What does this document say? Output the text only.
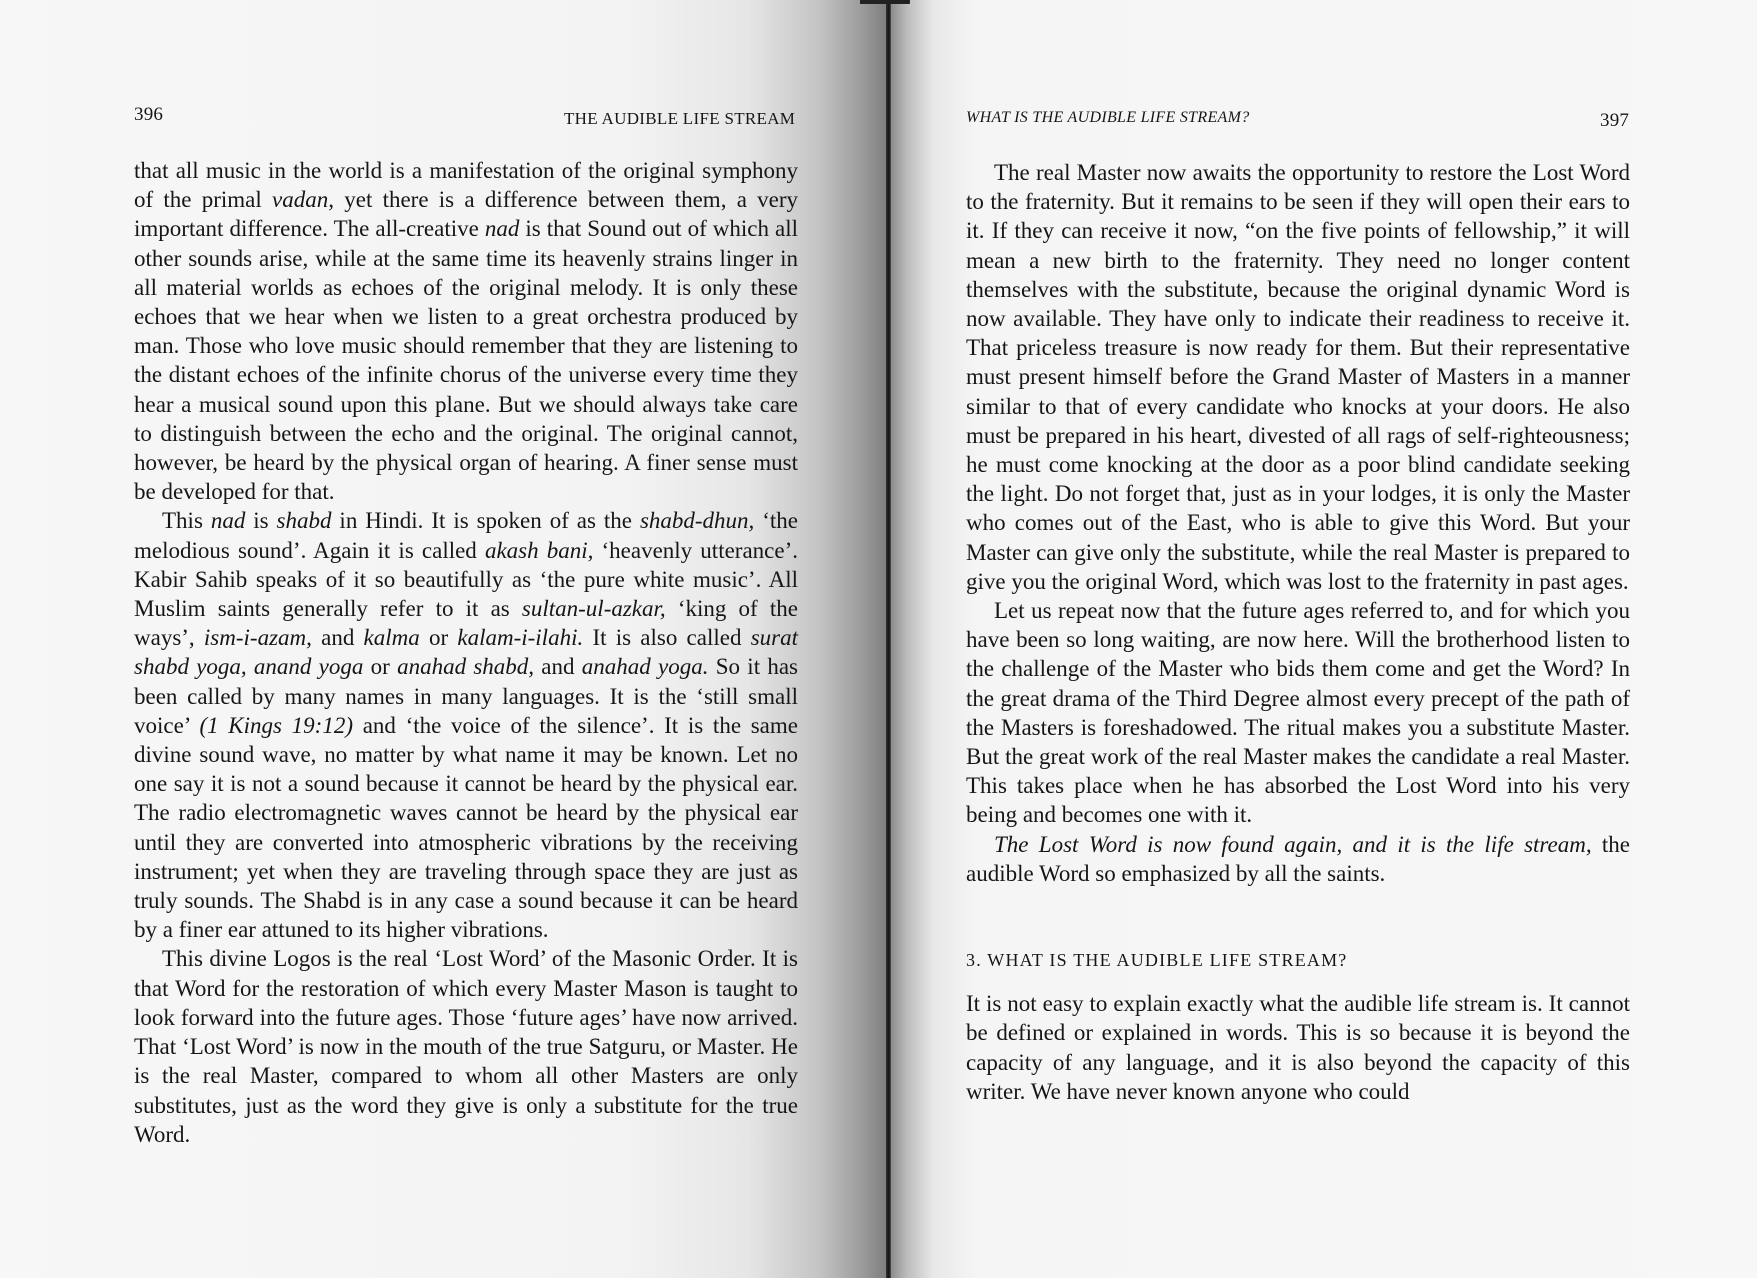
396	THE AUDIBLE LIFE STREAM

that all music in the world is a manifestation of the original symphony of the primal vadan, yet there is a difference between them, a very important difference. The all-creative nad is that Sound out of which all other sounds arise, while at the same time its heavenly strains linger in all material worlds as echoes of the original melody. It is only these echoes that we hear when we listen to a great orchestra produced by man. Those who love music should remember that they are listening to the distant echoes of the infinite chorus of the universe every time they hear a musical sound upon this plane. But we should always take care to distinguish between the echo and the original. The original cannot, however, be heard by the physical organ of hearing. A finer sense must be developed for that.

This nad is shabd in Hindi. It is spoken of as the shabd-dhun, ‘the melodious sound’. Again it is called akash bani, ‘heavenly utterance’. Kabir Sahib speaks of it so beautifully as ‘the pure white music’. All Muslim saints generally refer to it as sultan-ul-azkar, ‘king of the ways’, ism-i-azam, and kalma or kalam-i-ilahi. It is also called surat shabd yoga, anand yoga or anahad shabd, and anahad yoga. So it has been called by many names in many languages. It is the ‘still small voice’ (1 Kings 19:12) and ‘the voice of the silence’. It is the same divine sound wave, no matter by what name it may be known. Let no one say it is not a sound because it cannot be heard by the physical ear. The radio electromagnetic waves cannot be heard by the physical ear until they are converted into atmospheric vibrations by the receiving instrument; yet when they are traveling through space they are just as truly sounds. The Shabd is in any case a sound because it can be heard by a finer ear attuned to its higher vibrations.

This divine Logos is the real ‘Lost Word’ of the Masonic Order. It is that Word for the restoration of which every Master Mason is taught to look forward into the future ages. Those ‘future ages’ have now arrived. That ‘Lost Word’ is now in the mouth of the true Satguru, or Master. He is the real Master, compared to whom all other Masters are only substitutes, just as the word they give is only a substitute for the true Word.

WHAT IS THE AUDIBLE LIFE STREAM?	397

The real Master now awaits the opportunity to restore the Lost Word to the fraternity. But it remains to be seen if they will open their ears to it. If they can receive it now, “on the five points of fellowship,” it will mean a new birth to the fraternity. They need no longer content themselves with the substitute, because the original dynamic Word is now available. They have only to indicate their readiness to receive it. That priceless treasure is now ready for them. But their representative must present himself before the Grand Master of Masters in a manner similar to that of every candidate who knocks at your doors. He also must be prepared in his heart, divested of all rags of self-righteousness; he must come knocking at the door as a poor blind candidate seeking the light. Do not forget that, just as in your lodges, it is only the Master who comes out of the East, who is able to give this Word. But your Master can give only the substitute, while the real Master is prepared to give you the original Word, which was lost to the fraternity in past ages.

Let us repeat now that the future ages referred to, and for which you have been so long waiting, are now here. Will the brotherhood listen to the challenge of the Master who bids them come and get the Word? In the great drama of the Third Degree almost every precept of the path of the Masters is foreshadowed. The ritual makes you a substitute Master. But the great work of the real Master makes the candidate a real Master. This takes place when he has absorbed the Lost Word into his very being and becomes one with it.

The Lost Word is now found again, and it is the life stream, the audible Word so emphasized by all the saints.

3. WHAT IS THE AUDIBLE LIFE STREAM?

It is not easy to explain exactly what the audible life stream is. It cannot be defined or explained in words. This is so because it is beyond the capacity of any language, and it is also beyond the capacity of this writer. We have never known anyone who could
